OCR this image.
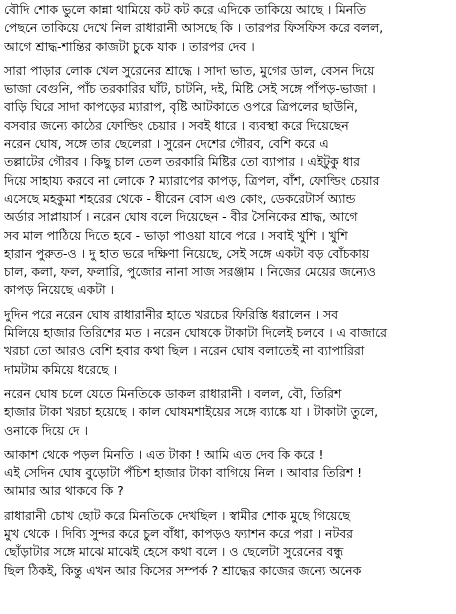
বৌদি শোক ভুলে কান্না থামিয়ে কট কট করে এদিকে তাকিয়ে আছে । মিনতি
পেছনে তাকিয়ে দেখে নিল রাধারানী আসছে কি । তারপর ফিসফিস করে বলল,
আগে শ্রাদ্ধ-শান্তির কাজটা চুকে যাক । তারপর দেব ।
সারা পাড়ার লোক খেল সুরেনের শ্রাদ্ধে । সাদা ভাত, মুগের ডাল, বেসন দিয়ে
ভাজা বেগুনি, পাঁচ তরকারির ঘাঁট, চাটনি, দই, মিষ্টি সেই সঙ্গে পাঁপড়-ভাজা ।
বাড়ি ঘিরে সাদা কাপড়ের ম্যারাপ, বৃষ্টি আটকাতে ওপরে ত্রিপলের ছাউনি,
বসবার জন্যে কাঠের ফোল্ডিং চেয়ার । সবই ধারে । ব্যবস্থা করে দিয়েছেন
নরেন ঘোষ, সঙ্গে তার ছেলেরা । সুরেন দেশের গৌরব, বেশি করে এ
তল্লাটের গৌরব । কিছু চাল তেল তরকারি মিষ্টির তো ব্যাপার । এইটুকু ধার
দিয়ে সাহায্য করবে না লোকে ? ম্যারাপের কাপড়, ত্রিপল, বাঁশ, ফোল্ডিং চেয়ার
এসেছে মহকুমা শহরের থেকে - ধীরেন বোস এণ্ড কোং, ডেকরেটার্স অ্যান্ড
অর্ডার সাপ্লায়ার্স । নরেন ঘোষ বলে দিয়েছেন - বীর সৈনিকের শ্রাদ্ধ, আগে
সব মাল পাঠিয়ে দিতে হবে - ভাড়া পাওয়া যাবে পরে । সবাই খুশি । খুশি
হারান পুরুত-ও । দু হাত ভরে দক্ষিণা নিয়েছে, সেই সঙ্গে একটা বড় বোঁচকায়
চাল, কলা, ফল, ফলারি, পুজোর নানা সাজ সরঞ্জাম । নিজের মেয়ের জন্যেও
কাপড় নিয়েছে একটা ।
দুদিন পরে নরেন ঘোষ রাধারানীর হাতে খরচের ফিরিস্তি ধরালেন । সব
মিলিয়ে হাজার তিরিশের মত । নরেন ঘোষকে টাকাটা দিলেই চলবে । এ বাজারে
খরচা তো আরও বেশি হবার কথা ছিল । নরেন ঘোষ বলাতেই না ব্যাপারিরা
দামটাম কমিয়ে ধরেছে ।
নরেন ঘোষ চলে যেতে মিনতিকে ডাকল রাধারানী । বলল, বৌ, তিরিশ
হাজার টাকা খরচা হয়েছে । কাল ঘোষমশাইয়ের সঙ্গে ব্যাঙ্কে যা । টাকাটা তুলে,
ওনাকে দিয়ে দে ।
আকাশ থেকে পড়ল মিনতি । এত টাকা ! আমি এত দেব কি করে !
এই সেদিন ঘোষ বুড়োটা পঁচিশ হাজার টাকা বাগিয়ে নিল । আবার তিরিশ !
আমার আর থাকবে কি ?
রাধারানী চোখ ছোট করে মিনতিকে দেখছিল । স্বামীর শোক মুছে গিয়েছে
মুখ থেকে । দিব্যি সুন্দর করে চুল বাঁধা, কাপড়ও ফ্যাশন করে পরা । নটবর
ছোঁড়াটার সঙ্গে মাঝে মাঝেই হেসে কথা বলে । ও ছেলেটা সুরেনের বন্ধু
ছিল ঠিকই, কিন্তু এখন আর কিসের সম্পর্ক ? শ্রাদ্ধের কাজের জন্যে অনেক
